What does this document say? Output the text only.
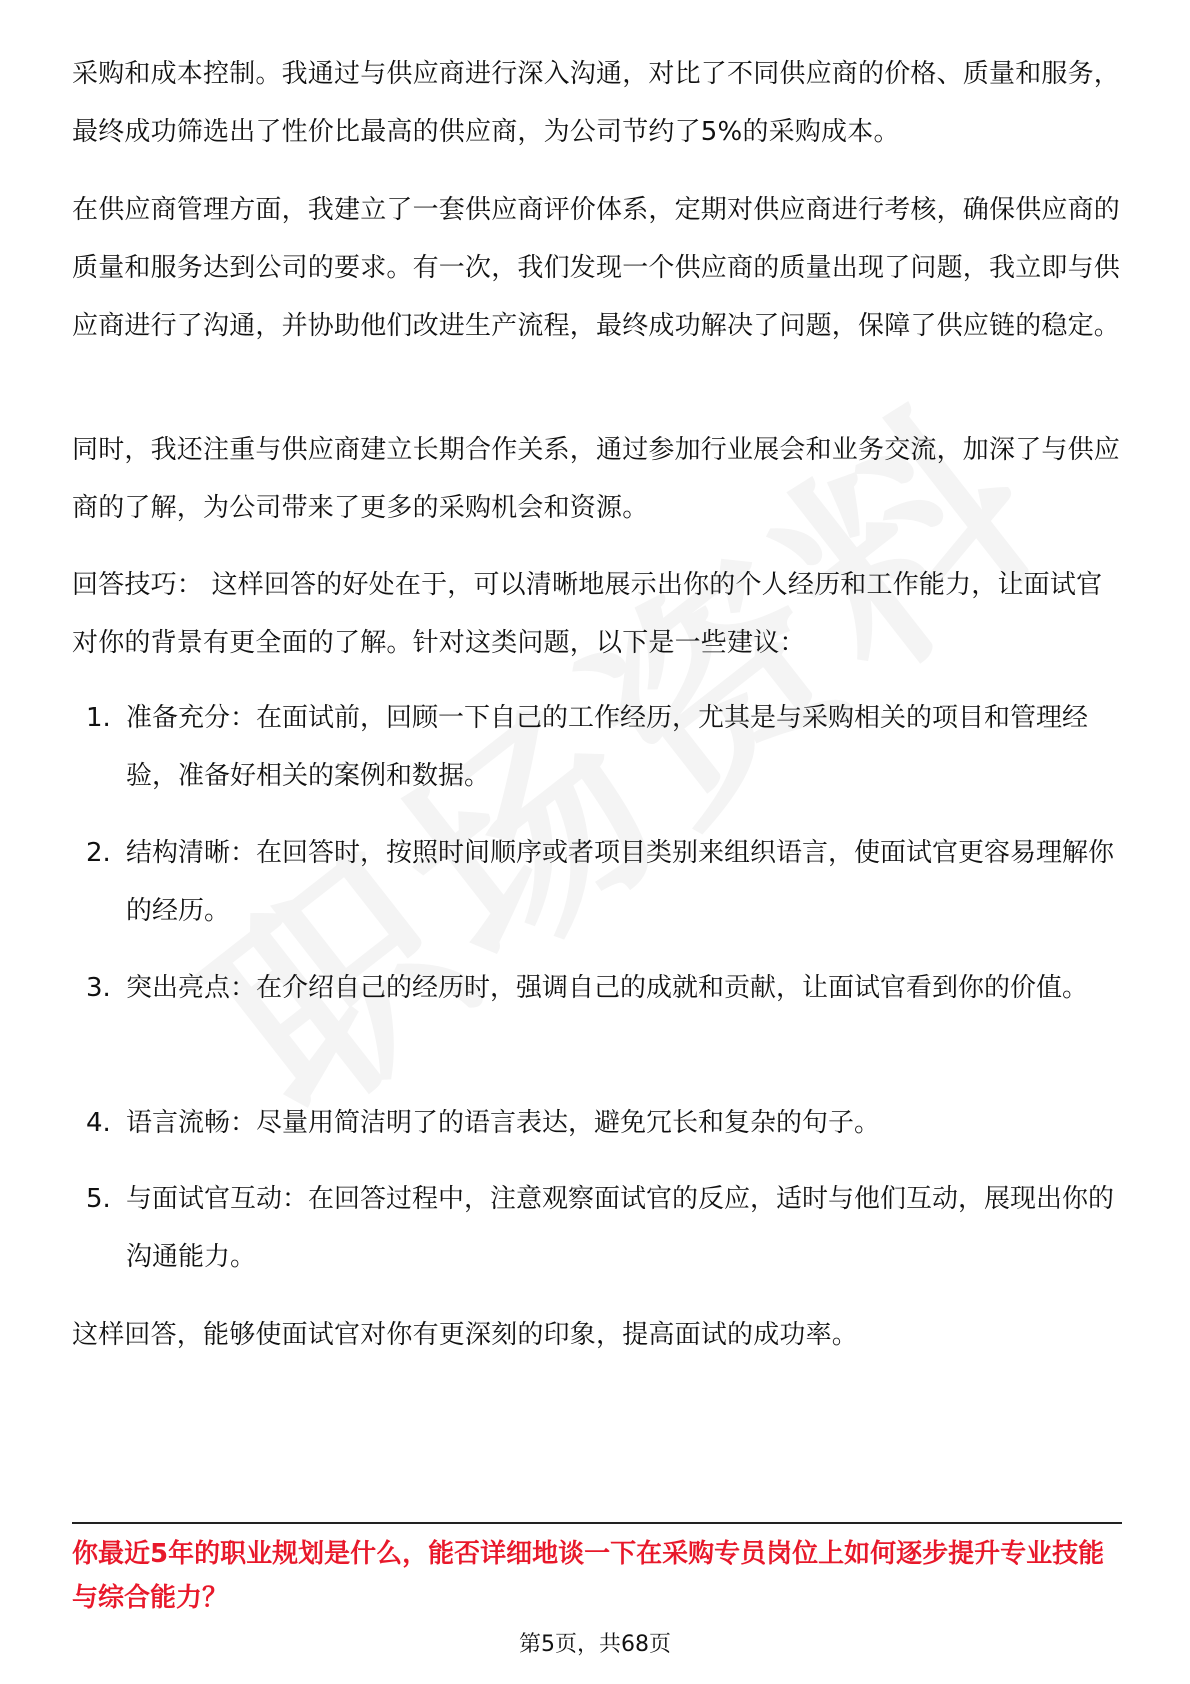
采购和成本控制。我通过与供应商进行深入沟通，对比了不同供应商的价格、质量和服务，最终成功筛选出了性价比最高的供应商，为公司节约了5%的采购成本。

在供应商管理方面，我建立了一套供应商评价体系，定期对供应商进行考核，确保供应商的质量和服务达到公司的要求。有一次，我们发现一个供应商的质量出现了问题，我立即与供应商进行了沟通，并协助他们改进生产流程，最终成功解决了问题，保障了供应链的稳定。

同时，我还注重与供应商建立长期合作关系，通过参加行业展会和业务交流，加深了与供应商的了解，为公司带来了更多的采购机会和资源。

回答技巧： 这样回答的好处在于，可以清晰地展示出你的个人经历和工作能力，让面试官对你的背景有更全面的了解。针对这类问题，以下是一些建议：

1. 准备充分：在面试前，回顾一下自己的工作经历，尤其是与采购相关的项目和管理经验，准备好相关的案例和数据。
2. 结构清晰：在回答时，按照时间顺序或者项目类别来组织语言，使面试官更容易理解你的经历。
3. 突出亮点：在介绍自己的经历时，强调自己的成就和贡献，让面试官看到你的价值。
4. 语言流畅：尽量用简洁明了的语言表达，避免冗长和复杂的句子。
5. 与面试官互动：在回答过程中，注意观察面试官的反应，适时与他们互动，展现出你的沟通能力。

这样回答，能够使面试官对你有更深刻的印象，提高面试的成功率。

你最近5年的职业规划是什么，能否详细地谈一下在采购专员岗位上如何逐步提升专业技能与综合能力？

第5页，共68页
